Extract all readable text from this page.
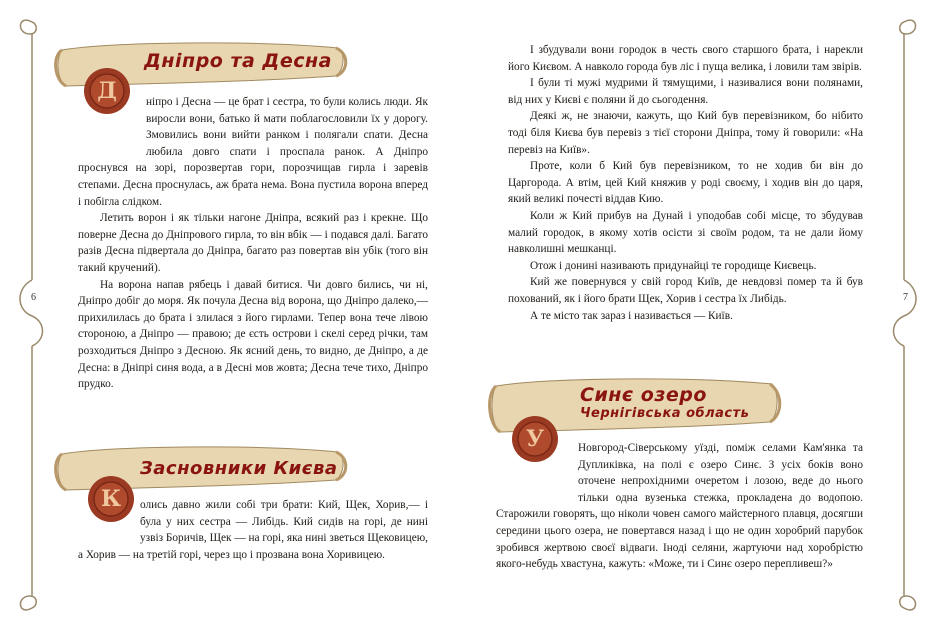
6	7
Дніпро та Десна
Д	ніпро і Десна — це брат і сестра, то були колись люди. Як виросли вони, батько й мати поблагословили їх у дорогу. Змовились вони вийти ранком і полягали спати. Десна любила довго спати і проспала ранок. А Дніпро проснувся на зорі, порозвертав гори, порозчищав гирла і заревів степами. Десна проснулась, аж брата нема. Вона пустила ворона вперед і побігла слідком.

Летить ворон і як тільки нагоне Дніпра, всякий раз і крекне. Що поверне Десна до Дніпрового гирла, то він вбік — і подався далі. Багато разів Десна підвертала до Дніпра, багато раз повертав він убік (того він такий кручений).

На ворона напав рябець і давай битися. Чи довго бились, чи ні, Дніпро добіг до моря. Як почула Десна від ворона, що Дніпро далеко,— прихилилась до брата і злилася з його гирлами. Тепер вона тече лівою стороною, а Дніпро — правою; де єсть острови і скелі серед річки, там розходиться Дніпро з Десною. Як ясний день, то видно, де Дніпро, а де Десна: в Дніпрі синя вода, а в Десні мов жовта; Десна тече тихо, Дніпро прудко.

Засновники Києва
К	олись давно жили собі три брати: Кий, Щек, Хорив,— і була у них сестра — Либідь. Кий сидів на горі, де нині узвіз Боричів, Щек — на горі, яка нині зветься Щековицею, а Хорив — на третій горі, через що і прозвана вона Хоривицею.

І збудували вони городок в честь свого старшого брата, і нарекли його Києвом. А навколо города був ліс і пуща велика, і ловили там звірів.

І були ті мужі мудрими й тямущими, і називалися вони полянами, від них у Києві є поляни й до сьогодення.

Деякі ж, не знаючи, кажуть, що Кий був перевізником, бо нібито тоді біля Києва був перевіз з тієї сторони Дніпра, тому й говорили: «На перевіз на Київ».

Проте, коли б Кий був перевізником, то не ходив би він до Царгорода. А втім, цей Кий княжив у роді своєму, і ходив він до царя, який великі почесті віддав Кию.

Коли ж Кий прибув на Дунай і уподобав собі місце, то збудував малий городок, в якому хотів осісти зі своїм родом, та не дали йому навколишні мешканці.

Отож і донині називають придунайці те городище Києвець.

Кий же повернувся у свій город Київ, де невдовзі помер та й був похований, як і його брати Щек, Хорив і сестра їх Либідь.

А те місто так зараз і називається — Київ.

Синє озеро
Чернігівська область
У	Новгород-Сіверському уїзді, поміж селами Кам'янка та Дупликівка, на полі є озеро Синє. З усіх боків воно оточене непрохідними очеретом і лозою, веде до нього тільки одна вузенька стежка, прокладена до водопою. Старожили говорять, що ніколи човен самого майстерного плавця, досягши середини цього озера, не повертався назад і що не один хоробрий парубок зробився жертвою своєї відваги. Іноді селяни, жартуючи над хоробрістю якого-небудь хвастуна, кажуть: «Може, ти і Синє озеро перепливеш?»
